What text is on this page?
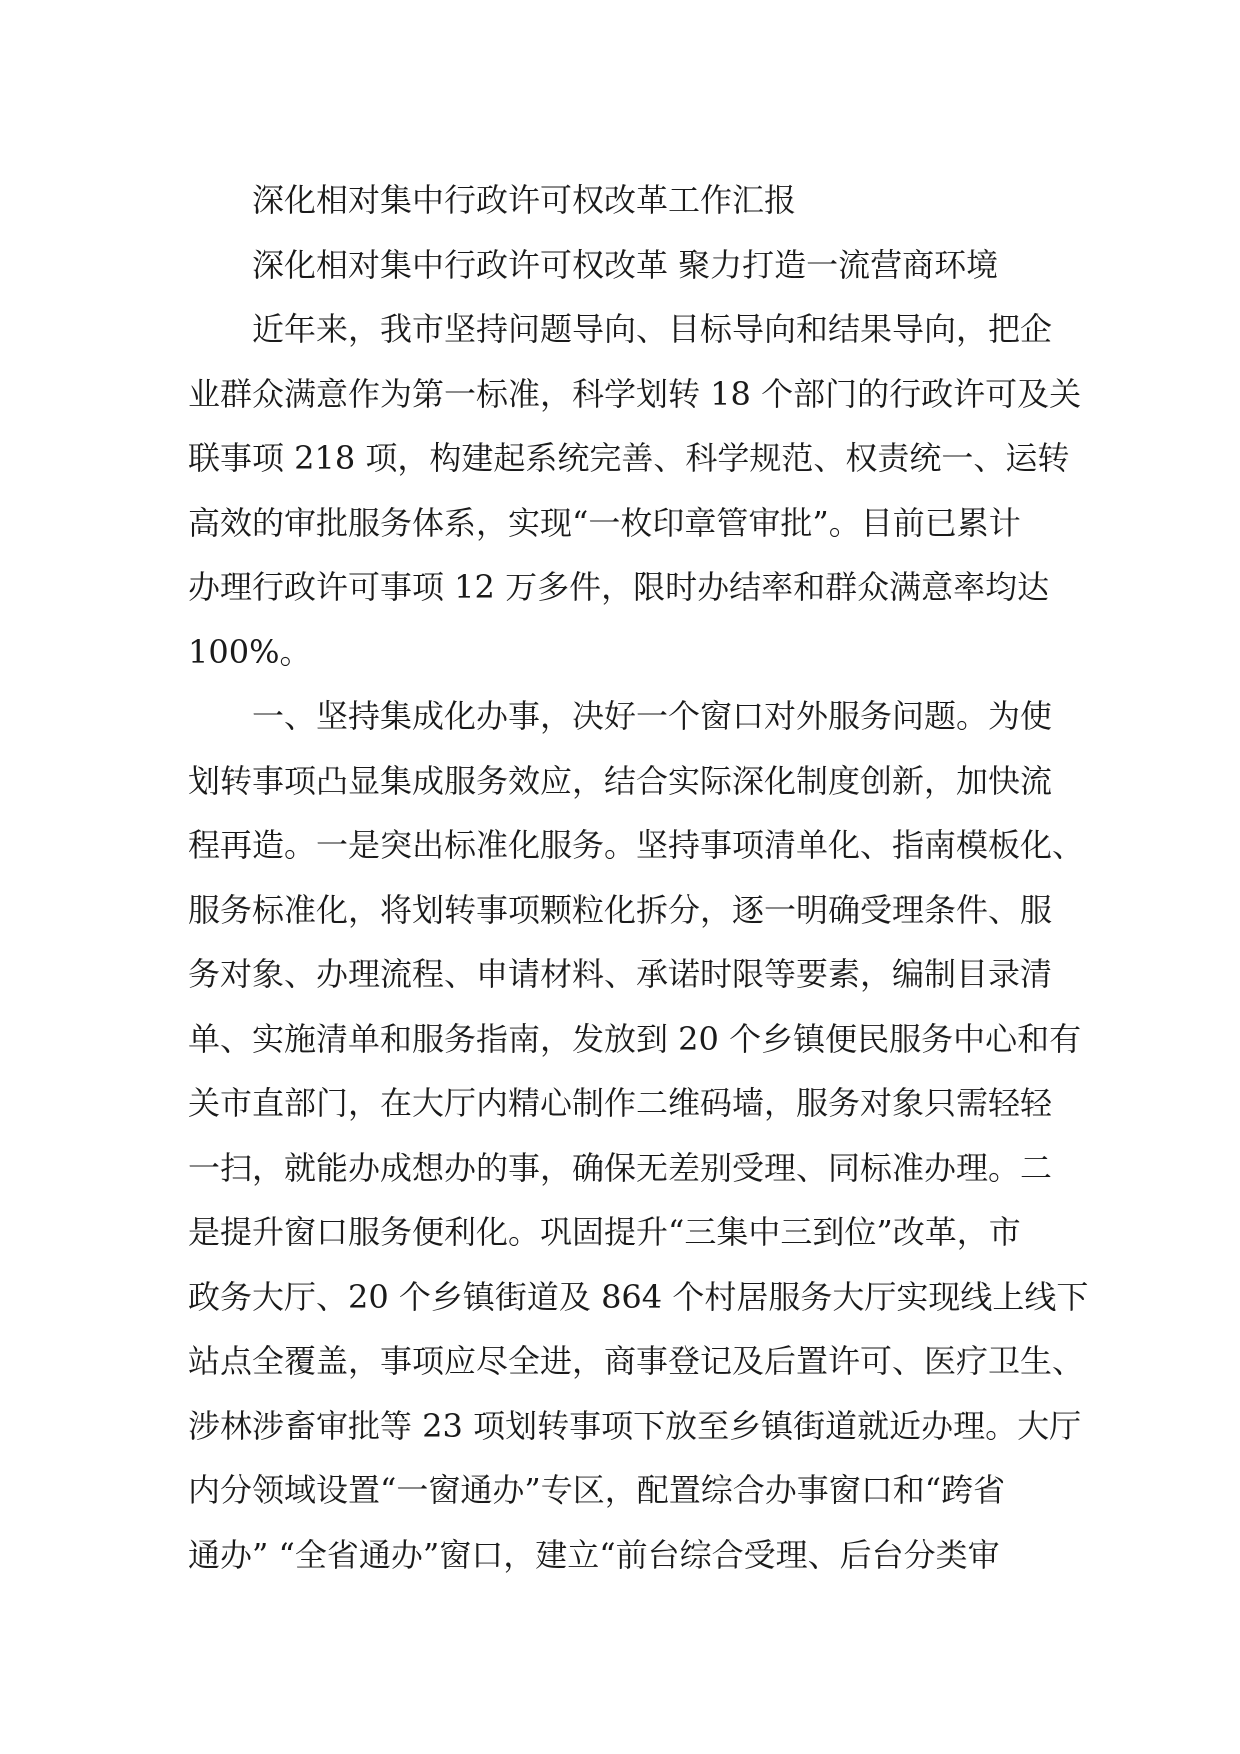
深化相对集中行政许可权改革工作汇报

深化相对集中行政许可权改革 聚力打造一流营商环境

近年来，我市坚持问题导向、目标导向和结果导向，把企

业群众满意作为第一标准，科学划转 18 个部门的行政许可及关

联事项 218 项，构建起系统完善、科学规范、权责统一、运转

高效的审批服务体系，实现“一枚印章管审批”。目前已累计

办理行政许可事项 12 万多件，限时办结率和群众满意率均达

100%。

一、坚持集成化办事，决好一个窗口对外服务问题。为使

划转事项凸显集成服务效应，结合实际深化制度创新，加快流

程再造。一是突出标准化服务。坚持事项清单化、指南模板化、

服务标准化，将划转事项颗粒化拆分，逐一明确受理条件、服

务对象、办理流程、申请材料、承诺时限等要素，编制目录清

单、实施清单和服务指南，发放到 20 个乡镇便民服务中心和有

关市直部门，在大厅内精心制作二维码墙，服务对象只需轻轻

一扫，就能办成想办的事，确保无差别受理、同标准办理。二

是提升窗口服务便利化。巩固提升“三集中三到位”改革，市

政务大厅、20 个乡镇街道及 864 个村居服务大厅实现线上线下

站点全覆盖，事项应尽全进，商事登记及后置许可、医疗卫生、

涉林涉畜审批等 23 项划转事项下放至乡镇街道就近办理。大厅

内分领域设置“一窗通办”专区，配置综合办事窗口和“跨省

通办” “全省通办”窗口，建立“前台综合受理、后台分类审
